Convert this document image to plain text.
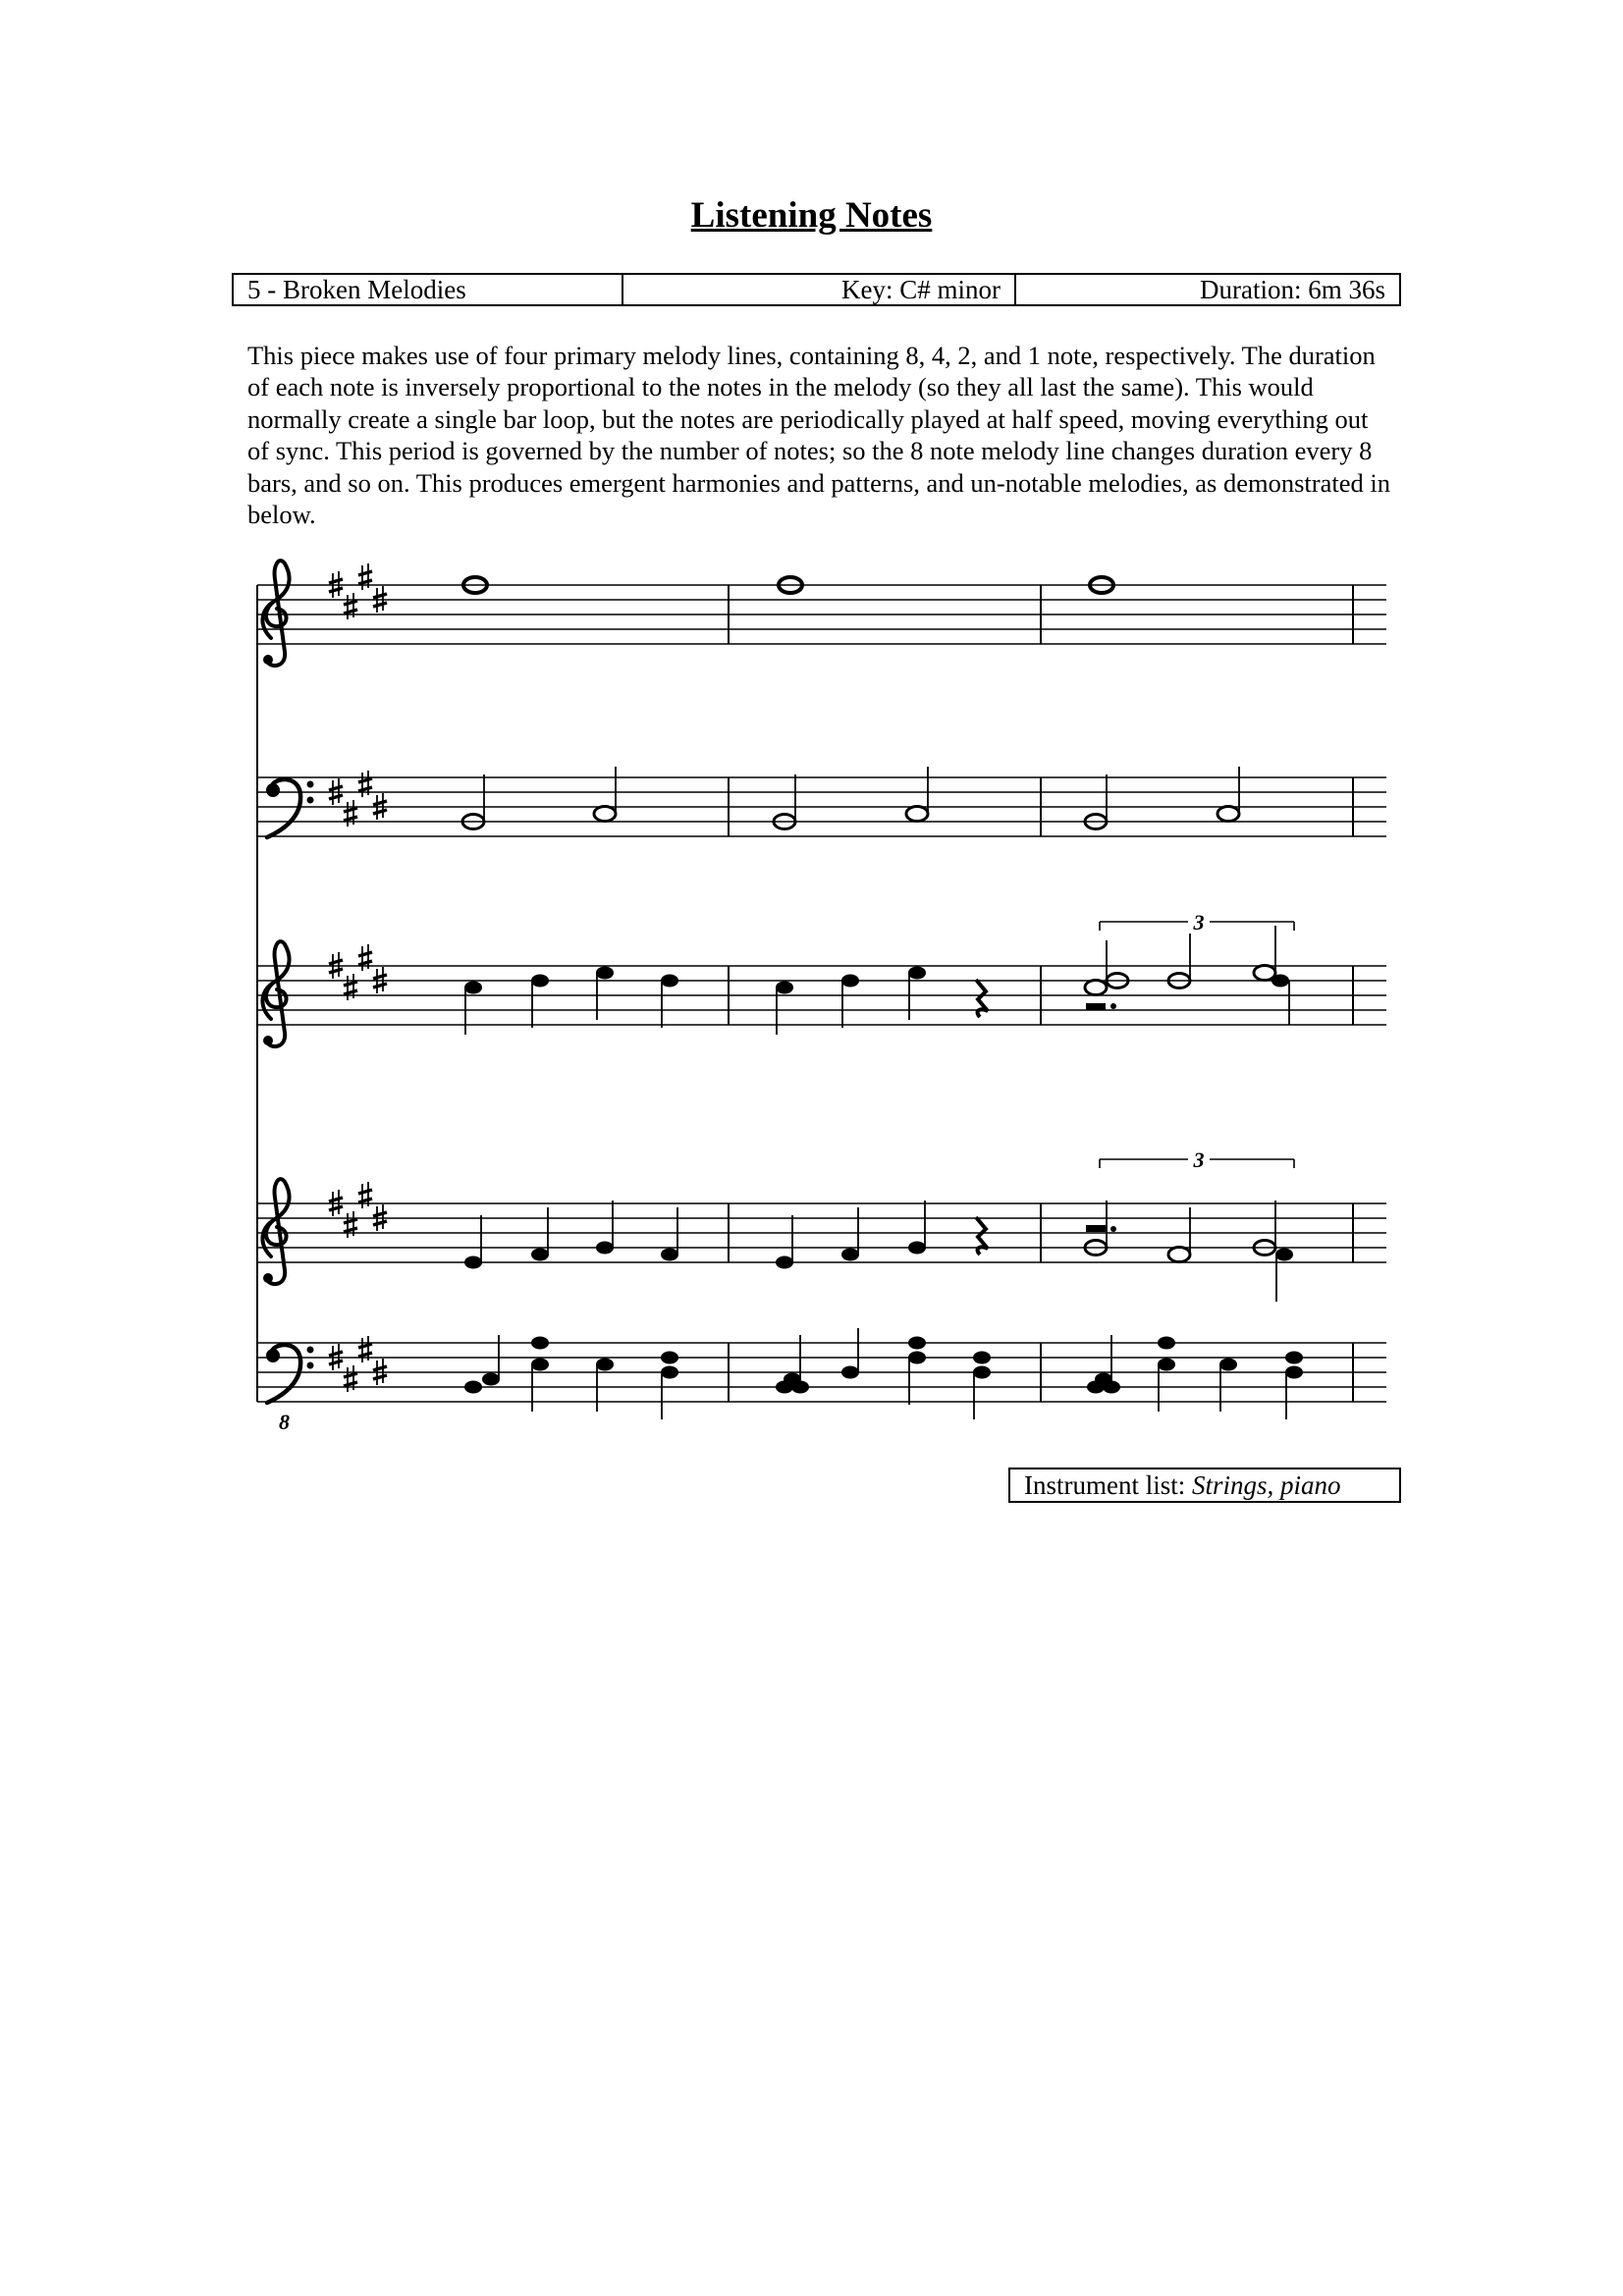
Listening Notes
5 - Broken Melodies	Key: C# minor	Duration: 6m 36s

This piece makes use of four primary melody lines, containing 8, 4, 2, and 1 note, respectively. The duration of each note is inversely proportional to the notes in the melody (so they all last the same). This would normally create a single bar loop, but the notes are periodically played at half speed, moving everything out of sync. This period is governed by the number of notes; so the 8 note melody line changes duration every 8 bars, and so on. This produces emergent harmonies and patterns, and un-notable melodies, as demonstrated in below.

3
3
8
Instrument list: Strings, piano
